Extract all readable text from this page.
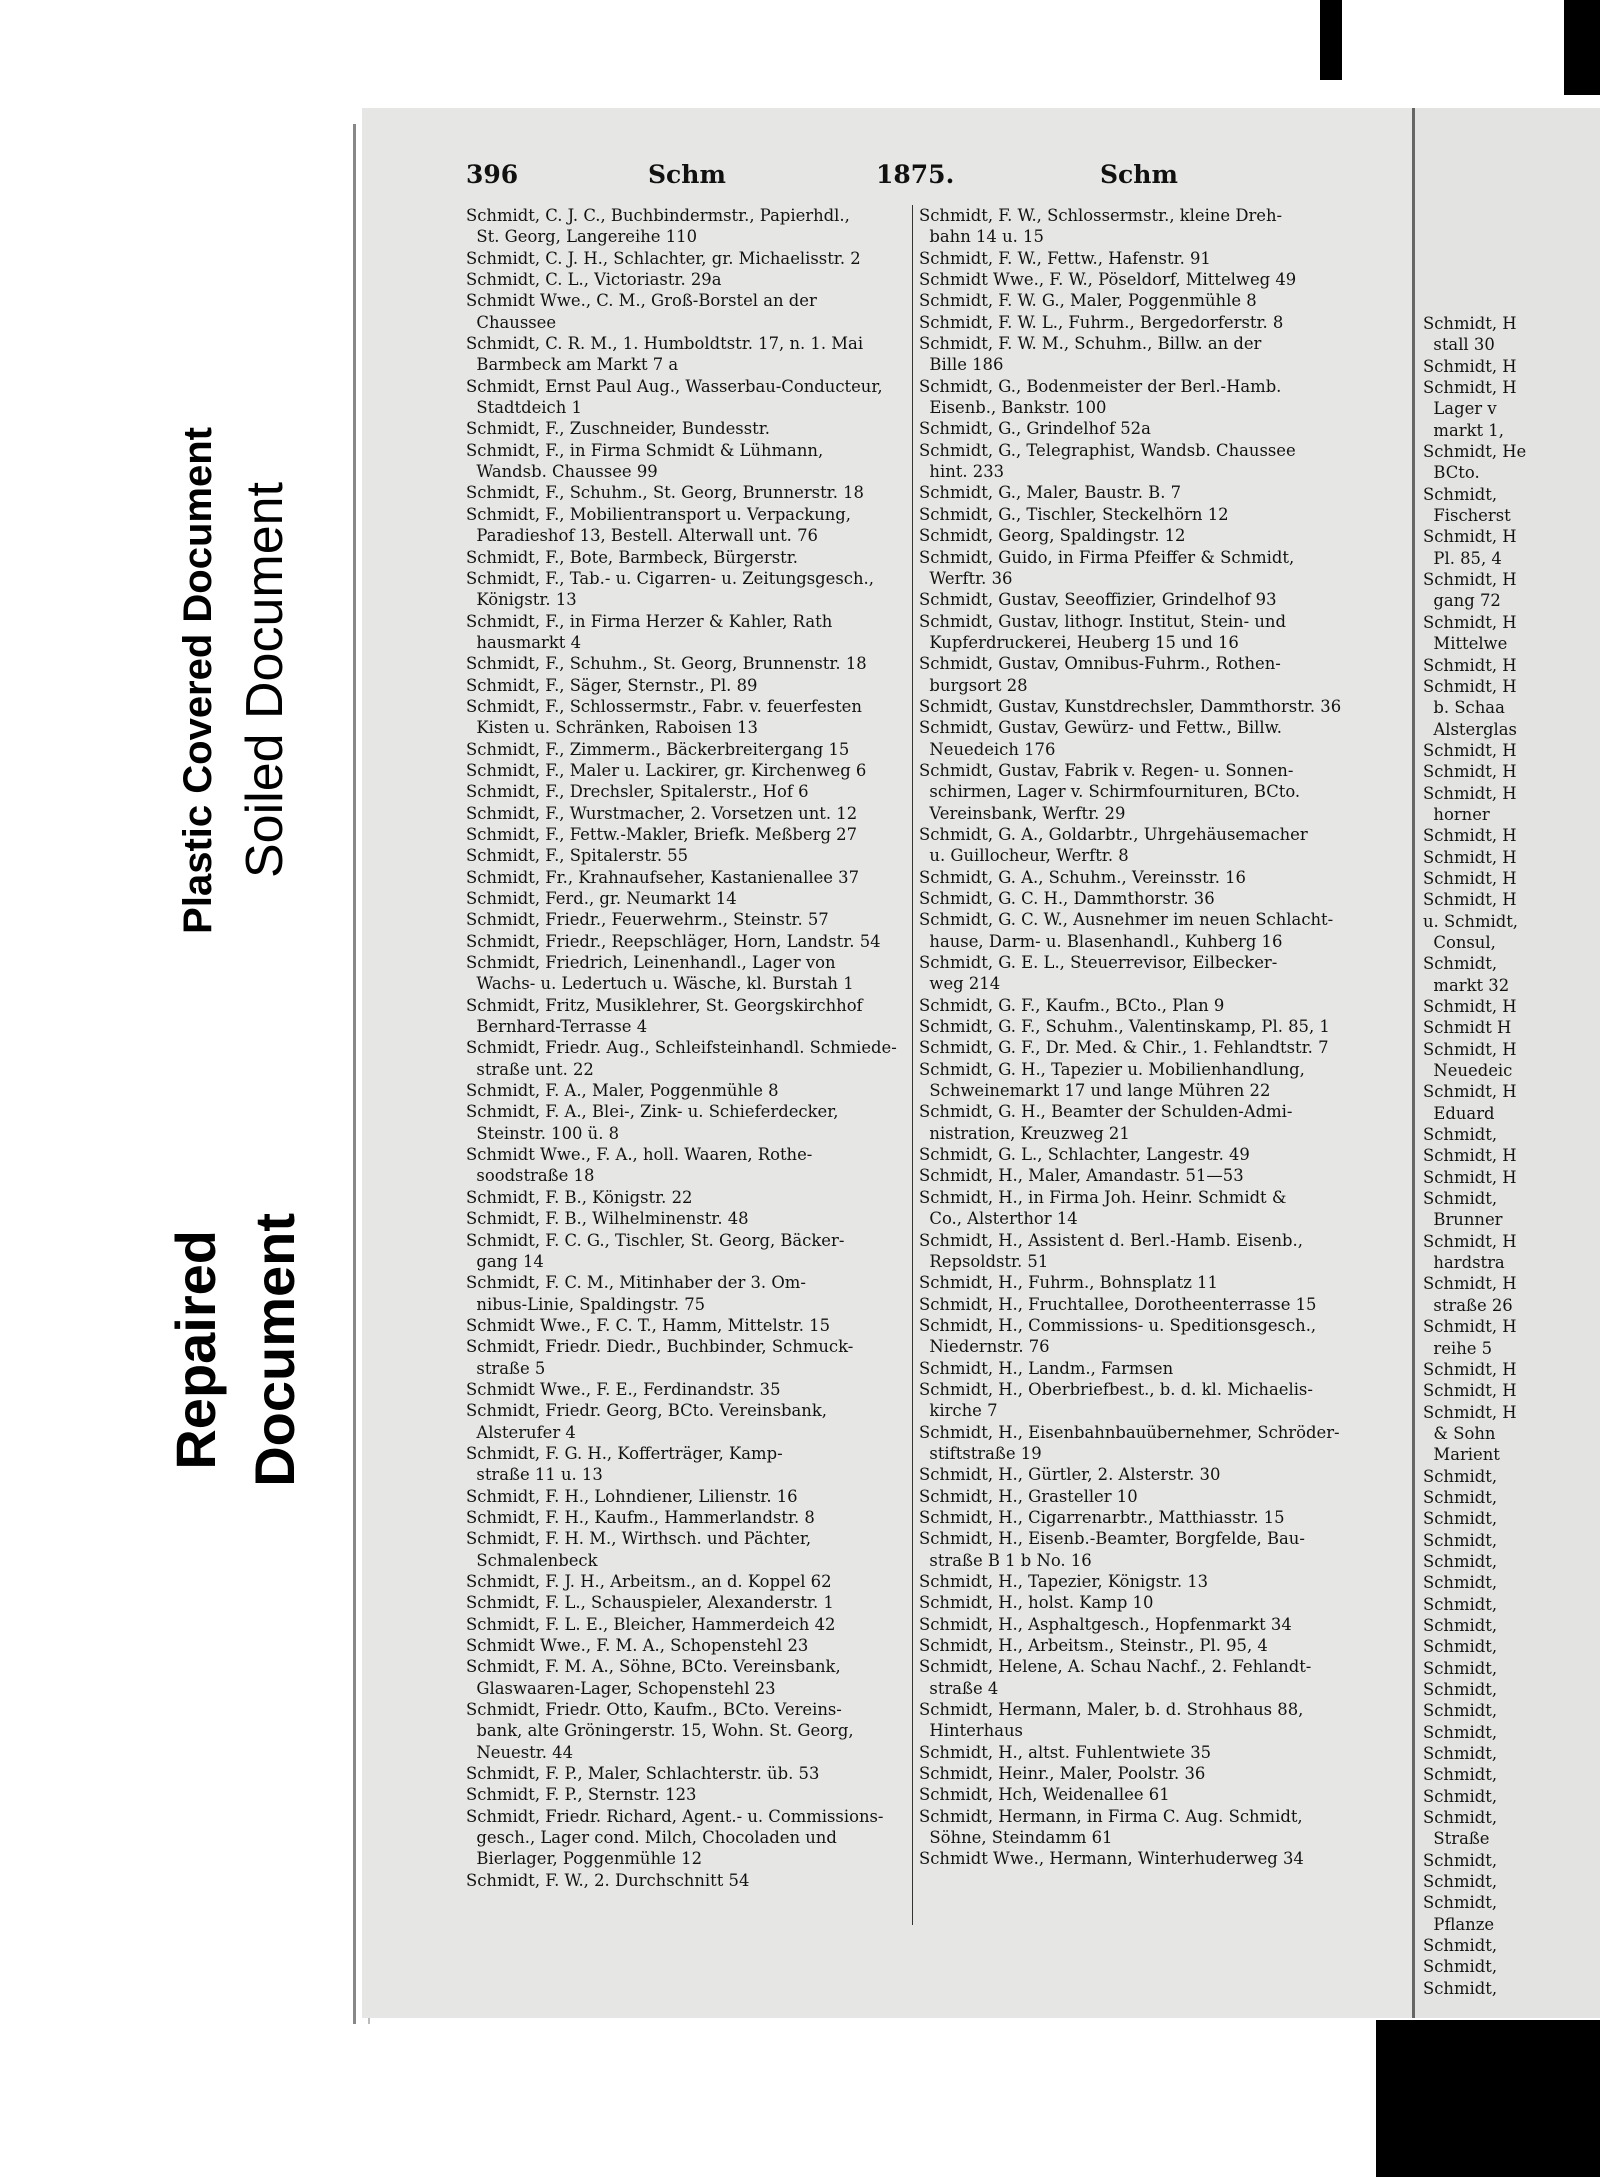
Plastic Covered Document Soiled Document
Repaired Document
Schmidt, H
stall 30
Schmidt, H
Schmidt, H
Lager v
markt 1,
Schmidt, He
BCto.
Schmidt,
Fischerst
Schmidt, H
Pl. 85, 4
Schmidt, H
gang 72
Schmidt, H
Mittelwe
Schmidt, H
Schmidt, H
b. Schaa
Alsterglas
Schmidt, H
Schmidt, H
Schmidt, H
horner
Schmidt, H
Schmidt, H
Schmidt, H
Schmidt, H
u. Schmidt,
Consul,
Schmidt,
markt 32
Schmidt, H
Schmidt H
Schmidt, H
Neuedeic
Schmidt, H
Eduard
Schmidt,
Schmidt, H
Schmidt, H
Schmidt,
Brunner
Schmidt, H
hardstra
Schmidt, H
straße 26
Schmidt, H
reihe 5
Schmidt, H
Schmidt, H
Schmidt, H
& Sohn
Marient
Schmidt,
Schmidt,
Schmidt,
Schmidt,
Schmidt,
Schmidt,
Schmidt,
Schmidt,
Schmidt,
Schmidt,
Schmidt,
Schmidt,
Schmidt,
Schmidt,
Schmidt,
Schmidt,
Schmidt,
Straße
Schmidt,
Schmidt,
Schmidt,
Pflanze
Schmidt,
Schmidt,
Schmidt,
396	Schm	1875.	Schm
Schmidt, C. J. C., Buchbindermstr., Papierhdl.,
St. Georg, Langereihe 110
Schmidt, C. J. H., Schlachter, gr. Michaelisstr. 2
Schmidt, C. L., Victoriastr. 29a
Schmidt Wwe., C. M., Groß-Borstel an der
Chaussee
Schmidt, C. R. M., 1. Humboldtstr. 17, n. 1. Mai
Barmbeck am Markt 7 a
Schmidt, Ernst Paul Aug., Wasserbau-Conducteur,
Stadtdeich 1
Schmidt, F., Zuschneider, Bundesstr.
Schmidt, F., in Firma Schmidt & Lühmann,
Wandsb. Chaussee 99
Schmidt, F., Schuhm., St. Georg, Brunnerstr. 18
Schmidt, F., Mobilientransport u. Verpackung,
Paradieshof 13, Bestell. Alterwall unt. 76
Schmidt, F., Bote, Barmbeck, Bürgerstr.
Schmidt, F., Tab.- u. Cigarren- u. Zeitungsgesch.,
Königstr. 13
Schmidt, F., in Firma Herzer & Kahler, Rath
hausmarkt 4
Schmidt, F., Schuhm., St. Georg, Brunnenstr. 18
Schmidt, F., Säger, Sternstr., Pl. 89
Schmidt, F., Schlossermstr., Fabr. v. feuerfesten
Kisten u. Schränken, Raboisen 13
Schmidt, F., Zimmerm., Bäckerbreitergang 15
Schmidt, F., Maler u. Lackirer, gr. Kirchenweg 6
Schmidt, F., Drechsler, Spitalerstr., Hof 6
Schmidt, F., Wurstmacher, 2. Vorsetzen unt. 12
Schmidt, F., Fettw.-Makler, Briefk. Meßberg 27
Schmidt, F., Spitalerstr. 55
Schmidt, Fr., Krahnaufseher, Kastanienallee 37
Schmidt, Ferd., gr. Neumarkt 14
Schmidt, Friedr., Feuerwehrm., Steinstr. 57
Schmidt, Friedr., Reepschläger, Horn, Landstr. 54
Schmidt, Friedrich, Leinenhandl., Lager von
Wachs- u. Ledertuch u. Wäsche, kl. Burstah 1
Schmidt, Fritz, Musiklehrer, St. Georgskirchhof
Bernhard-Terrasse 4
Schmidt, Friedr. Aug., Schleifsteinhandl. Schmiede-
straße unt. 22
Schmidt, F. A., Maler, Poggenmühle 8
Schmidt, F. A., Blei-, Zink- u. Schieferdecker,
Steinstr. 100 ü. 8
Schmidt Wwe., F. A., holl. Waaren, Rothe-
soodstraße 18
Schmidt, F. B., Königstr. 22
Schmidt, F. B., Wilhelminenstr. 48
Schmidt, F. C. G., Tischler, St. Georg, Bäcker-
gang 14
Schmidt, F. C. M., Mitinhaber der 3. Om-
nibus-Linie, Spaldingstr. 75
Schmidt Wwe., F. C. T., Hamm, Mittelstr. 15
Schmidt, Friedr. Diedr., Buchbinder, Schmuck-
straße 5
Schmidt Wwe., F. E., Ferdinandstr. 35
Schmidt, Friedr. Georg, BCto. Vereinsbank,
Alsterufer 4
Schmidt, F. G. H., Kofferträger, Kamp-
straße 11 u. 13
Schmidt, F. H., Lohndiener, Lilienstr. 16
Schmidt, F. H., Kaufm., Hammerlandstr. 8
Schmidt, F. H. M., Wirthsch. und Pächter,
Schmalenbeck
Schmidt, F. J. H., Arbeitsm., an d. Koppel 62
Schmidt, F. L., Schauspieler, Alexanderstr. 1
Schmidt, F. L. E., Bleicher, Hammerdeich 42
Schmidt Wwe., F. M. A., Schopenstehl 23
Schmidt, F. M. A., Söhne, BCto. Vereinsbank,
Glaswaaren-Lager, Schopenstehl 23
Schmidt, Friedr. Otto, Kaufm., BCto. Vereins-
bank, alte Gröningerstr. 15, Wohn. St. Georg,
Neuestr. 44
Schmidt, F. P., Maler, Schlachterstr. üb. 53
Schmidt, F. P., Sternstr. 123
Schmidt, Friedr. Richard, Agent.- u. Commissions-
gesch., Lager cond. Milch, Chocoladen und
Bierlager, Poggenmühle 12
Schmidt, F. W., 2. Durchschnitt 54
Schmidt, F. W., Schlossermstr., kleine Dreh-
bahn 14 u. 15
Schmidt, F. W., Fettw., Hafenstr. 91
Schmidt Wwe., F. W., Pöseldorf, Mittelweg 49
Schmidt, F. W. G., Maler, Poggenmühle 8
Schmidt, F. W. L., Fuhrm., Bergedorferstr. 8
Schmidt, F. W. M., Schuhm., Billw. an der
Bille 186
Schmidt, G., Bodenmeister der Berl.-Hamb.
Eisenb., Bankstr. 100
Schmidt, G., Grindelhof 52a
Schmidt, G., Telegraphist, Wandsb. Chaussee
hint. 233
Schmidt, G., Maler, Baustr. B. 7
Schmidt, G., Tischler, Steckelhörn 12
Schmidt, Georg, Spaldingstr. 12
Schmidt, Guido, in Firma Pfeiffer & Schmidt,
Werftr. 36
Schmidt, Gustav, Seeoffizier, Grindelhof 93
Schmidt, Gustav, lithogr. Institut, Stein- und
Kupferdruckerei, Heuberg 15 und 16
Schmidt, Gustav, Omnibus-Fuhrm., Rothen-
burgsort 28
Schmidt, Gustav, Kunstdrechsler, Dammthorstr. 36
Schmidt, Gustav, Gewürz- und Fettw., Billw.
Neuedeich 176
Schmidt, Gustav, Fabrik v. Regen- u. Sonnen-
schirmen, Lager v. Schirmfournituren, BCto.
Vereinsbank, Werftr. 29
Schmidt, G. A., Goldarbtr., Uhrgehäusemacher
u. Guillocheur, Werftr. 8
Schmidt, G. A., Schuhm., Vereinsstr. 16
Schmidt, G. C. H., Dammthorstr. 36
Schmidt, G. C. W., Ausnehmer im neuen Schlacht-
hause, Darm- u. Blasenhandl., Kuhberg 16
Schmidt, G. E. L., Steuerrevisor, Eilbecker-
weg 214
Schmidt, G. F., Kaufm., BCto., Plan 9
Schmidt, G. F., Schuhm., Valentinskamp, Pl. 85, 1
Schmidt, G. F., Dr. Med. & Chir., 1. Fehlandtstr. 7
Schmidt, G. H., Tapezier u. Mobilienhandlung,
Schweinemarkt 17 und lange Mühren 22
Schmidt, G. H., Beamter der Schulden-Admi-
nistration, Kreuzweg 21
Schmidt, G. L., Schlachter, Langestr. 49
Schmidt, H., Maler, Amandastr. 51—53
Schmidt, H., in Firma Joh. Heinr. Schmidt &
Co., Alsterthor 14
Schmidt, H., Assistent d. Berl.-Hamb. Eisenb.,
Repsoldstr. 51
Schmidt, H., Fuhrm., Bohnsplatz 11
Schmidt, H., Fruchtallee, Dorotheenterrasse 15
Schmidt, H., Commissions- u. Speditionsgesch.,
Niedernstr. 76
Schmidt, H., Landm., Farmsen
Schmidt, H., Oberbriefbest., b. d. kl. Michaelis-
kirche 7
Schmidt, H., Eisenbahnbauübernehmer, Schröder-
stiftstraße 19
Schmidt, H., Gürtler, 2. Alsterstr. 30
Schmidt, H., Grasteller 10
Schmidt, H., Cigarrenarbtr., Matthiasstr. 15
Schmidt, H., Eisenb.-Beamter, Borgfelde, Bau-
straße B 1 b No. 16
Schmidt, H., Tapezier, Königstr. 13
Schmidt, H., holst. Kamp 10
Schmidt, H., Asphaltgesch., Hopfenmarkt 34
Schmidt, H., Arbeitsm., Steinstr., Pl. 95, 4
Schmidt, Helene, A. Schau Nachf., 2. Fehlandt-
straße 4
Schmidt, Hermann, Maler, b. d. Strohhaus 88,
Hinterhaus
Schmidt, H., altst. Fuhlentwiete 35
Schmidt, Heinr., Maler, Poolstr. 36
Schmidt, Hch, Weidenallee 61
Schmidt, Hermann, in Firma C. Aug. Schmidt,
Söhne, Steindamm 61
Schmidt Wwe., Hermann, Winterhuderweg 34
